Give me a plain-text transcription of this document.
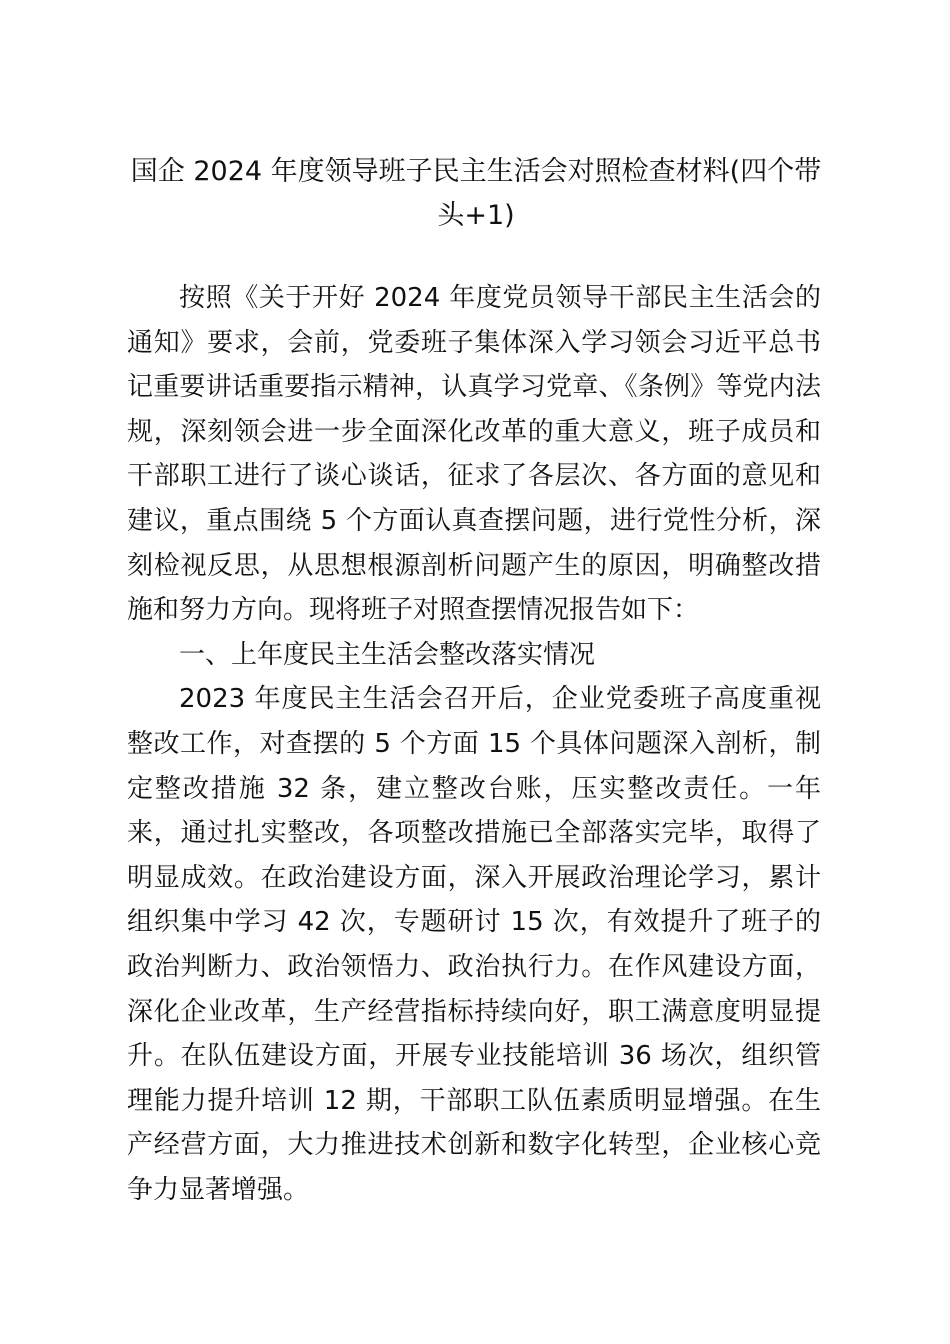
国企 2024 年度领导班子民主生活会对照检查材料(四个带头+1)

按照《关于开好 2024 年度党员领导干部民主生活会的通知》要求，会前，党委班子集体深入学习领会习近平总书记重要讲话重要指示精神，认真学习党章、《条例》等党内法规，深刻领会进一步全面深化改革的重大意义，班子成员和干部职工进行了谈心谈话，征求了各层次、各方面的意见和建议，重点围绕 5 个方面认真查摆问题，进行党性分析，深刻检视反思，从思想根源剖析问题产生的原因，明确整改措施和努力方向。现将班子对照查摆情况报告如下：

一、上年度民主生活会整改落实情况

2023 年度民主生活会召开后，企业党委班子高度重视整改工作，对查摆的 5 个方面 15 个具体问题深入剖析，制定整改措施 32 条，建立整改台账，压实整改责任。一年来，通过扎实整改，各项整改措施已全部落实完毕，取得了明显成效。在政治建设方面，深入开展政治理论学习，累计组织集中学习 42 次，专题研讨 15 次，有效提升了班子的政治判断力、政治领悟力、政治执行力。在作风建设方面，深化企业改革，生产经营指标持续向好，职工满意度明显提升。在队伍建设方面，开展专业技能培训 36 场次，组织管理能力提升培训 12 期，干部职工队伍素质明显增强。在生产经营方面，大力推进技术创新和数字化转型，企业核心竞争力显著增强。
